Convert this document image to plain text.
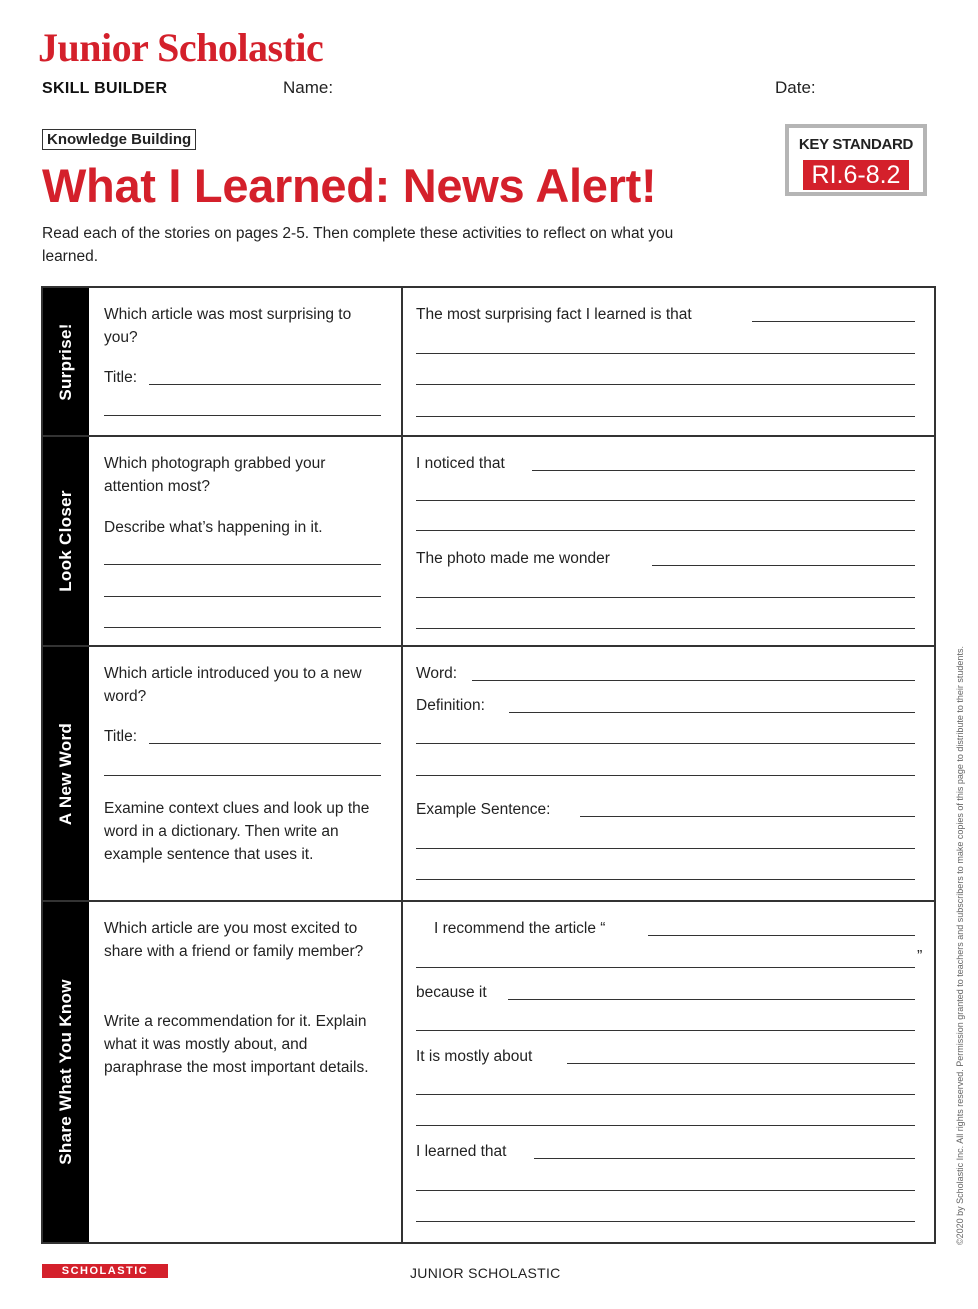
Junior Scholastic
SKILL BUILDER	Name:	Date:
Knowledge Building
What I Learned: News Alert!
KEY STANDARD
RI.6-8.2
Read each of the stories on pages 2-5. Then complete these activities to reflect on what you learned.
Surprise!
Which article was most surprising to you?
Title:
The most surprising fact I learned is that
Look Closer
Which photograph grabbed your attention most?
Describe what’s happening in it.
I noticed that
The photo made me wonder
A New Word
Which article introduced you to a new word?
Title:
Examine context clues and look up the word in a dictionary. Then write an example sentence that uses it.
Word:
Definition:
Example Sentence:
Share What You Know
Which article are you most excited to share with a friend or family member?
Write a recommendation for it. Explain what it was mostly about, and paraphrase the most important details.
I recommend the article “
”
because it
It is mostly about
I learned that
SCHOLASTIC	JUNIOR SCHOLASTIC
©2020 by Scholastic Inc. All rights reserved. Permission granted to teachers and subscribers to make copies of this page to distribute to their students.
